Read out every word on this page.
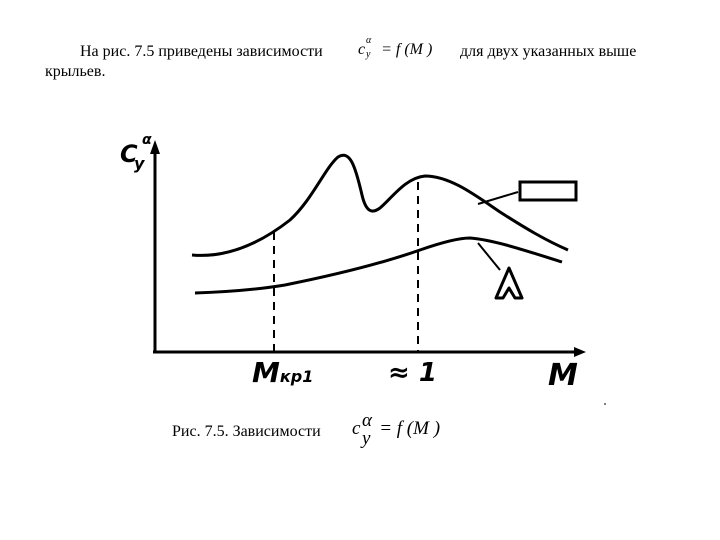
На рис. 7.5 приведены зависимости c
α
y = f (M ) для двух указанных выше
крыльев.
C α
y
M
Mкр1	≈ 1
Рис. 7.5. Зависимости c α
y = f (M )
